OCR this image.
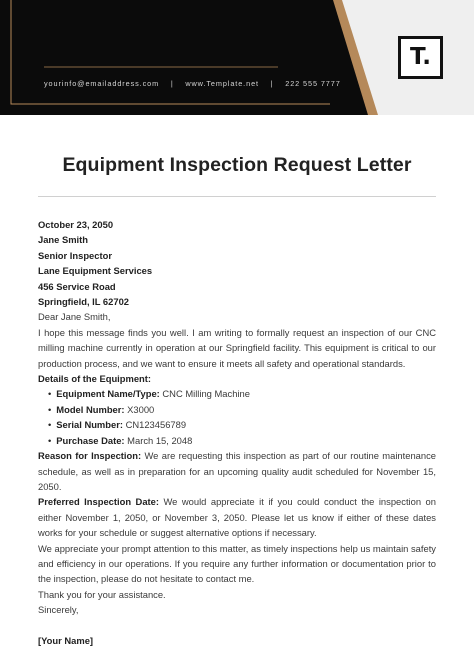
yourinfo@emailaddress.com | www.Template.net | 222 555 7777
T.
Equipment Inspection Request Letter
October 23, 2050
Jane Smith
Senior Inspector
Lane Equipment Services
456 Service Road
Springfield, IL 62702
Dear Jane Smith,
I hope this message finds you well. I am writing to formally request an inspection of our CNC milling machine currently in operation at our Springfield facility. This equipment is critical to our production process, and we want to ensure it meets all safety and operational standards.
Details of the Equipment:
• Equipment Name/Type: CNC Milling Machine
• Model Number: X3000
• Serial Number: CN123456789
• Purchase Date: March 15, 2048
Reason for Inspection: We are requesting this inspection as part of our routine maintenance schedule, as well as in preparation for an upcoming quality audit scheduled for November 15, 2050.
Preferred Inspection Date: We would appreciate it if you could conduct the inspection on either November 1, 2050, or November 3, 2050. Please let us know if either of these dates works for your schedule or suggest alternative options if necessary.
We appreciate your prompt attention to this matter, as timely inspections help us maintain safety and efficiency in our operations. If you require any further information or documentation prior to the inspection, please do not hesitate to contact me.
Thank you for your assistance.
Sincerely,
[Your Name]
